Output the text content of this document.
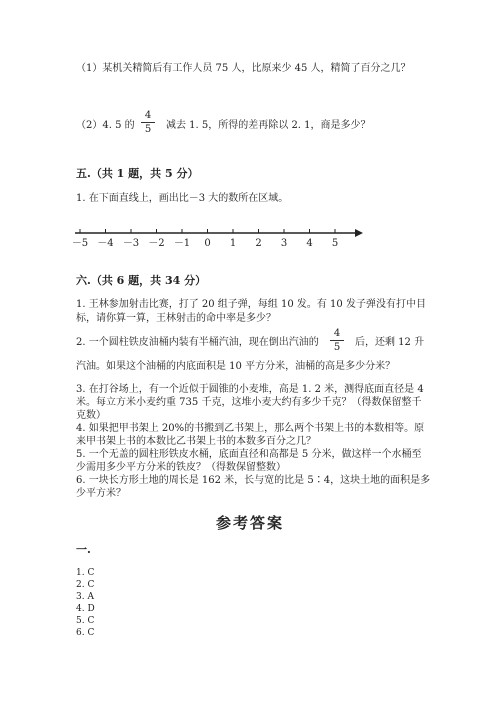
（1）某机关精简后有工作人员 75 人，比原来少 45 人，精简了百分之几？
（2）4. 5 的
4
5	减去 1. 5，所得的差再除以 2. 1，商是多少？
五.（共 1 题，共 5 分）
1. 在下面直线上，画出比－3 大的数所在区域。
－5 －4 －3 －2 －1 0 1 2 3 4 5
六.（共 6 题，共 34 分）
1. 王林参加射击比赛，打了 20 组子弹，每组 10 发。有 10 发子弹没有打中目
标，请你算一算，王林射击的命中率是多少？
2. 一个圆柱铁皮油桶内装有半桶汽油，现在倒出汽油的
4
5	后，还剩 12 升
汽油。如果这个油桶的内底面积是 10 平方分米，油桶的高是多少分米？
3. 在打谷场上，有一个近似于圆锥的小麦堆，高是 1. 2 米，测得底面直径是 4
米。每立方米小麦约重 735 千克，这堆小麦大约有多少千克？（得数保留整千
克数）
4. 如果把甲书架上 20%的书搬到乙书架上，那么两个书架上书的本数相等。原
来甲书架上书的本数比乙书架上书的本数多百分之几？
5. 一个无盖的圆柱形铁皮水桶，底面直径和高都是 5 分米，做这样一个水桶至
少需用多少平方分米的铁皮？（得数保留整数）
6. 一块长方形土地的周长是 162 米，长与宽的比是 5∶4，这块土地的面积是多
少平方米？
参考答案
一.
1. C
2. C
3. A
4. D
5. C
6. C
